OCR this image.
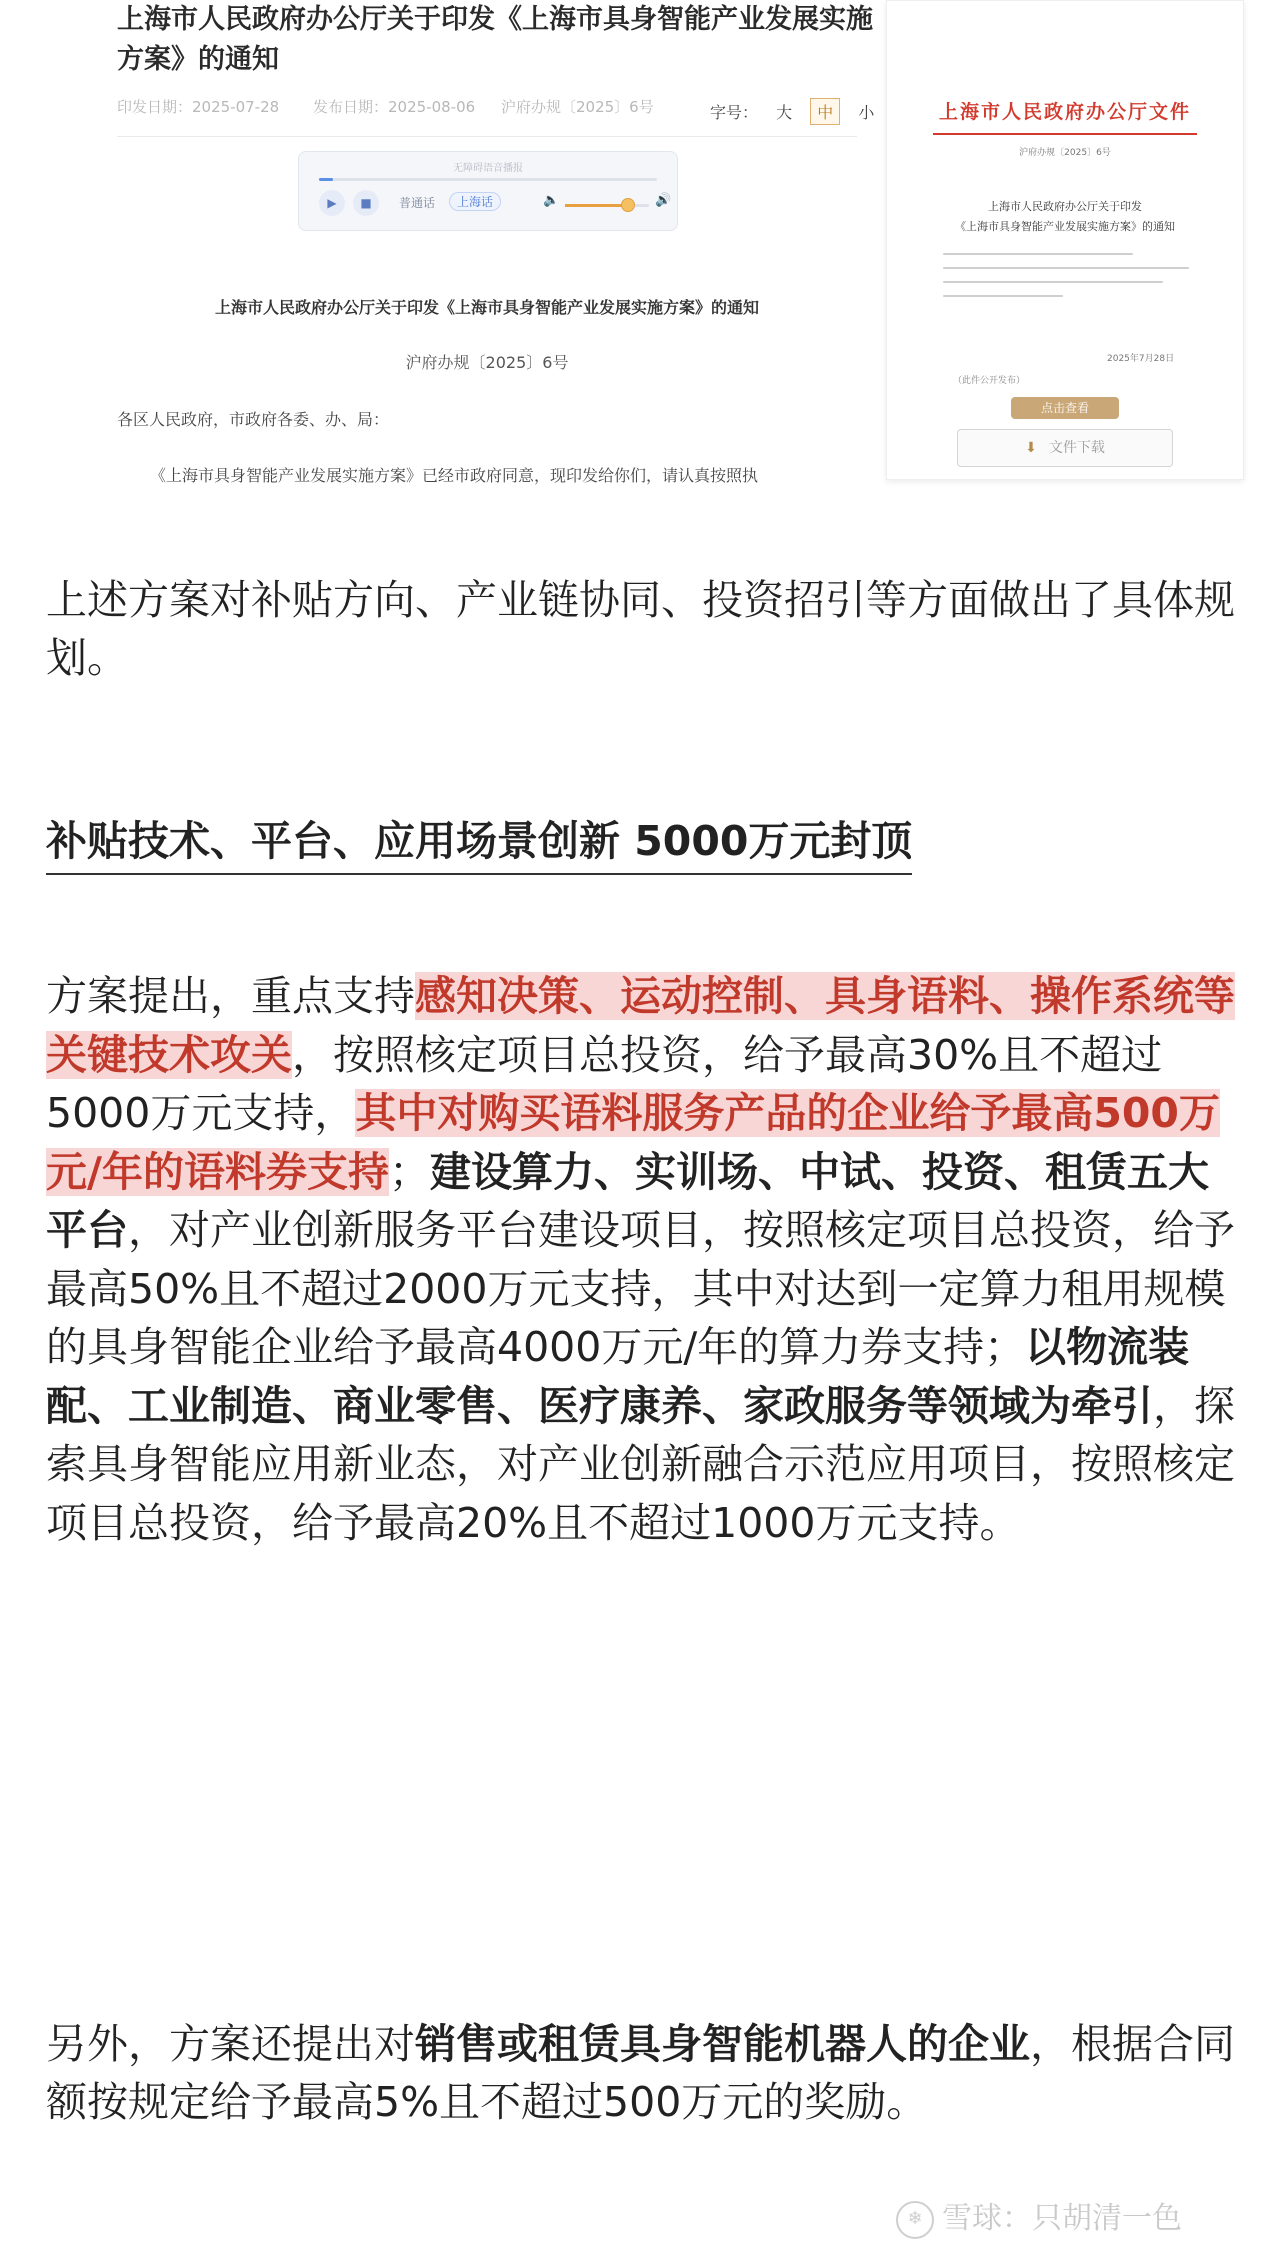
上海市人民政府办公厅关于印发《上海市具身智能产业发展实施方案》的通知
印发日期：2025-07-28 发布日期：2025-08-06 沪府办规〔2025〕6号	字号： 大 中 小
无障碍语音播报
▶	■	普通话	上海话	🔈	🔊
上海市人民政府办公厅关于印发《上海市具身智能产业发展实施方案》的通知
沪府办规〔2025〕6号
各区人民政府，市政府各委、办、局：
《上海市具身智能产业发展实施方案》已经市政府同意，现印发给你们，请认真按照执
上海市人民政府办公厅文件
沪府办规〔2025〕6号
上海市人民政府办公厅关于印发
《上海市具身智能产业发展实施方案》的通知
2025年7月28日
（此件公开发布）
点击查看
⬇ 文件下载
上述方案对补贴方向、产业链协同、投资招引等方面做出了具体规划。
补贴技术、平台、应用场景创新 5000万元封顶
方案提出，重点支持感知决策、运动控制、具身语料、操作系统等关键技术攻关，按照核定项目总投资，给予最高30%且不超过5000万元支持，其中对购买语料服务产品的企业给予最高500万元/年的语料券支持；建设算力、实训场、中试、投资、租赁五大平台，对产业创新服务平台建设项目，按照核定项目总投资，给予最高50%且不超过2000万元支持，其中对达到一定算力租用规模的具身智能企业给予最高4000万元/年的算力券支持；以物流装配、工业制造、商业零售、医疗康养、家政服务等领域为牵引，探索具身智能应用新业态，对产业创新融合示范应用项目，按照核定项目总投资，给予最高20%且不超过1000万元支持。
另外，方案还提出对销售或租赁具身智能机器人的企业，根据合同额按规定给予最高5%且不超过500万元的奖励。
❄ 雪球：只胡清一色
